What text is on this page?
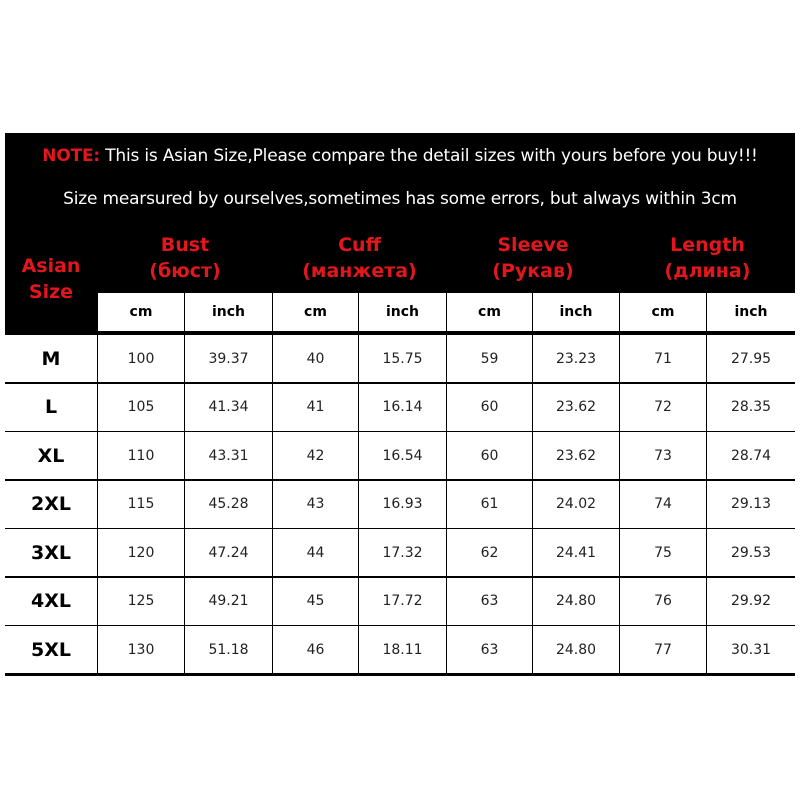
NOTE: This is Asian Size,Please compare the detail sizes with yours before you buy!!!
Size mearsured by ourselves,sometimes has some errors, but always within 3cm
Asian
Size
Bust
(бюст)
Cuff
(манжета)
Sleeve
(Рукав)
Length
(длина)
cm	inch	cm	inch	cm	inch	cm	inch
M	100	39.37	40	15.75	59	23.23	71	27.95
L	105	41.34	41	16.14	60	23.62	72	28.35
XL	110	43.31	42	16.54	60	23.62	73	28.74
2XL	115	45.28	43	16.93	61	24.02	74	29.13
3XL	120	47.24	44	17.32	62	24.41	75	29.53
4XL	125	49.21	45	17.72	63	24.80	76	29.92
5XL	130	51.18	46	18.11	63	24.80	77	30.31
